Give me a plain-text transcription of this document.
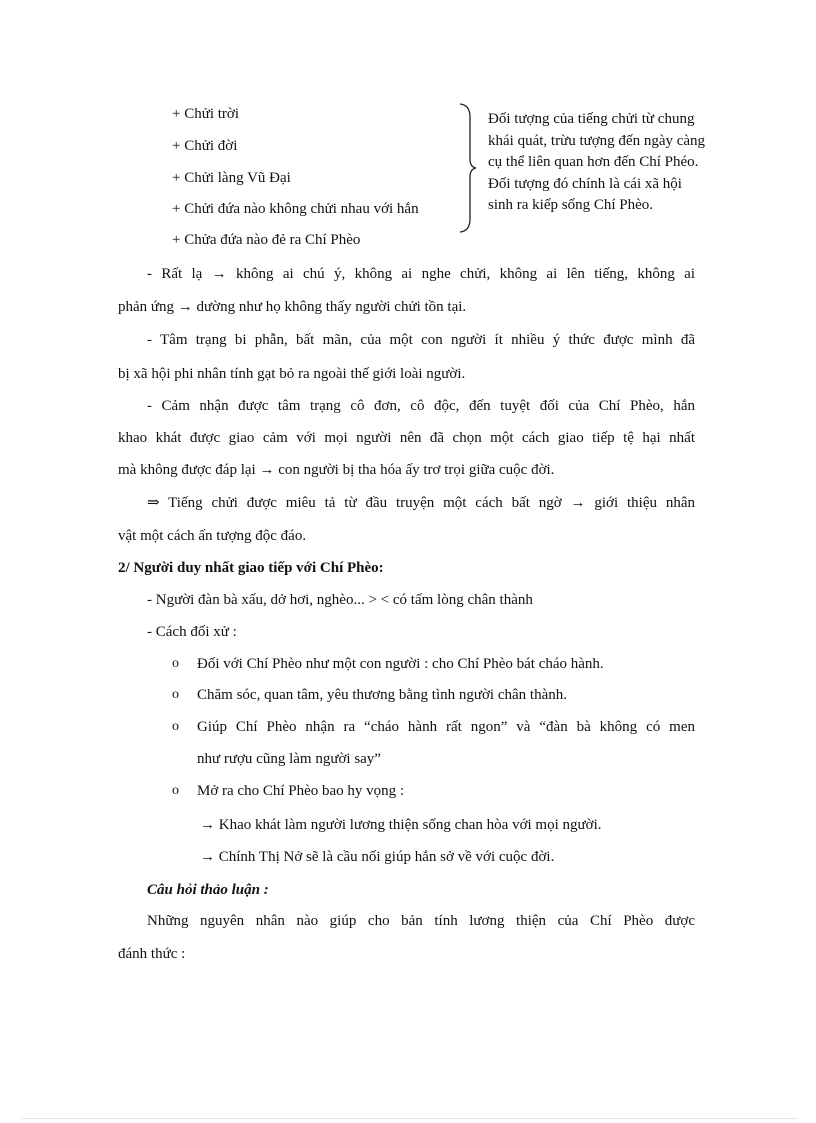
+ Chửi trời
+ Chửi đời
+ Chửi làng Vũ Đại
+ Chửi đứa nào không chửi nhau với hắn
+ Chửa đứa nào đẻ ra Chí Phèo
Đối tượng của tiếng chửi từ chung
khái quát, trừu tượng đến ngày càng
cụ thể liên quan hơn đến Chí Phéo.
Đối tượng đó chính là cái xã hội
sinh ra kiếp sống Chí Phèo.
- Rất lạ → không ai chú ý, không ai nghe chửi, không ai lên tiếng, không ai
phản ứng → dường như họ không thấy người chửi tồn tại.
- Tâm trạng bi phẫn, bất mãn, của một con người ít nhiều ý thức được mình đã
bị xã hội phi nhân tính gạt bỏ ra ngoài thế giới loài người.
- Cảm nhận được tâm trạng cô đơn, cô độc, đến tuyệt đối của Chí Phèo, hắn
khao khát được giao cảm với mọi người nên đã chọn một cách giao tiếp tệ hại nhất
mà không được đáp lại → con người bị tha hóa ấy trơ trọi giữa cuộc đời.
⇒ Tiếng chửi được miêu tả từ đầu truyện một cách bất ngờ → giới thiệu nhân
vật một cách ấn tượng độc đáo.
2/ Người duy nhất giao tiếp với Chí Phèo:
- Người đàn bà xấu, dở hơi, nghèo... > < có tấm lòng chân thành
- Cách đối xử :
o Đối với Chí Phèo như một con người : cho Chí Phèo bát cháo hành.
o Chăm sóc, quan tâm, yêu thương bằng tình người chân thành.
o Giúp Chí Phèo nhận ra “cháo hành rất ngon” và “đàn bà không có men
như rượu cũng làm người say”
o Mở ra cho Chí Phèo bao hy vọng :
→ Khao khát làm người lương thiện sống chan hòa với mọi người.
→ Chính Thị Nở sẽ là cầu nối giúp hắn sở về với cuộc đời.
Câu hỏi thảo luận :
Những nguyên nhân nào giúp cho bản tính lương thiện của Chí Phèo được
đánh thức :
